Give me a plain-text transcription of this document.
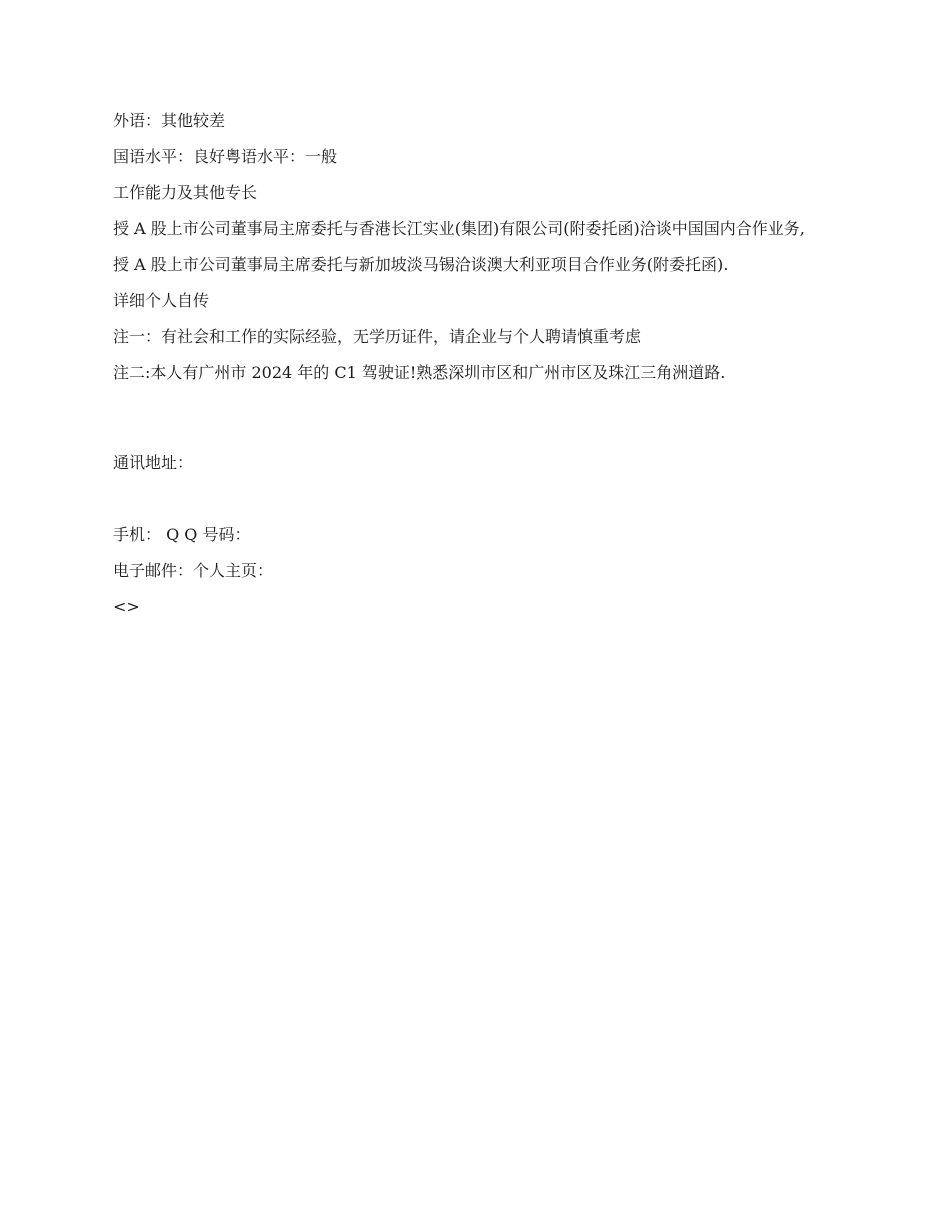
外语：其他较差

国语水平：良好粤语水平：一般

工作能力及其他专长

授 A 股上市公司董事局主席委托与香港长江实业(集团)有限公司(附委托函)洽谈中国国内合作业务,

授 A 股上市公司董事局主席委托与新加坡淡马锡洽谈澳大利亚项目合作业务(附委托函).

详细个人自传

注一：有社会和工作的实际经验，无学历证件，请企业与个人聘请慎重考虑

注二:本人有广州市 2024 年的 C1 驾驶证!熟悉深圳市区和广州市区及珠江三角洲道路.

通讯地址：

手机： Q Q 号码：

电子邮件：个人主页：

<>
